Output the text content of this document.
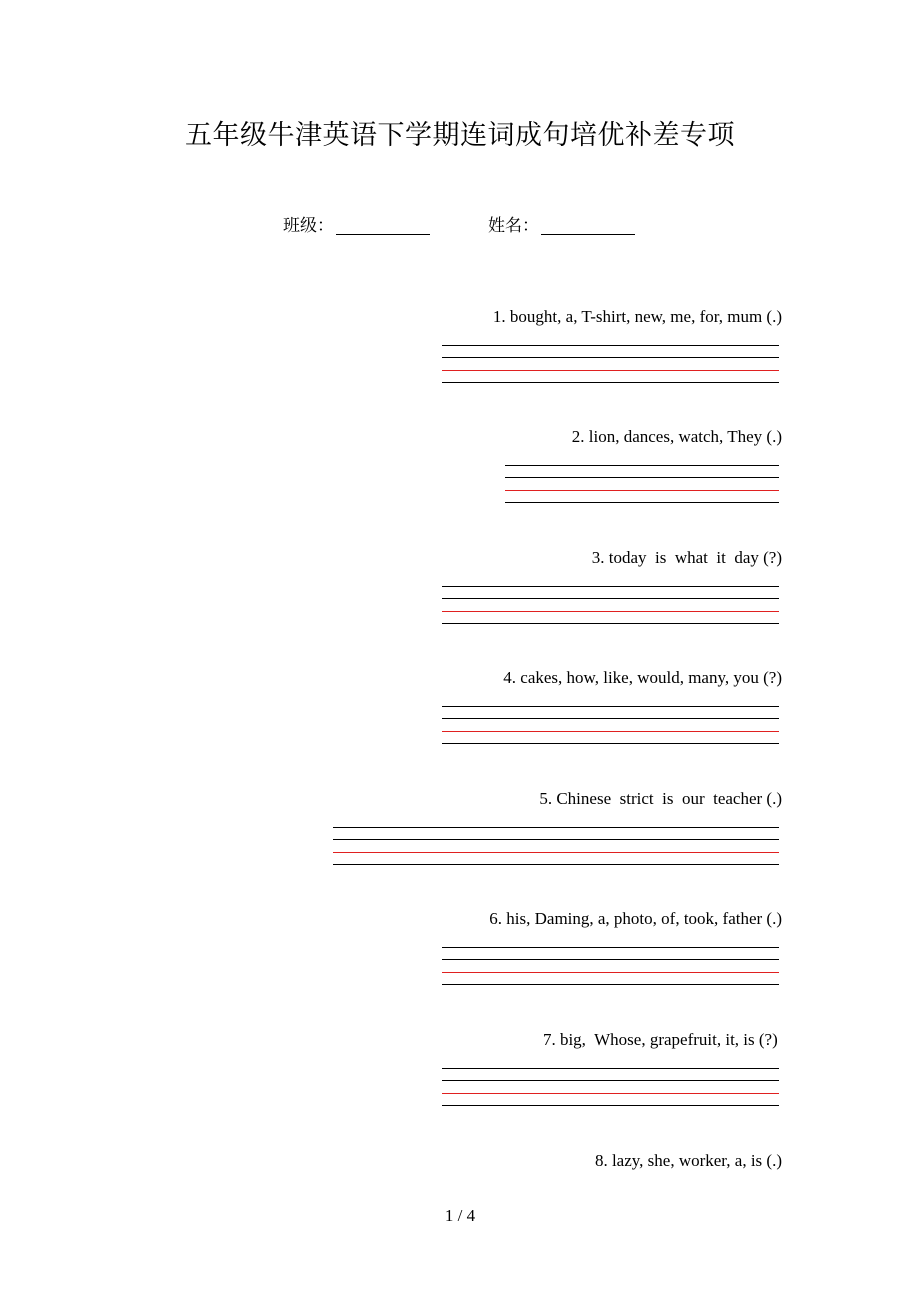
五年级牛津英语下学期连词成句培优补差专项
班级：	姓名：
1. bought, a, T-shirt, new, me, for, mum (.)
2. lion, dances, watch, They (.)
3. today  is  what  it  day (?)
4. cakes, how, like, would, many, you (?)
5. Chinese  strict  is  our  teacher (.)
6. his, Daming, a, photo, of, took, father (.)
7. big,  Whose, grapefruit, it, is (?)
8. lazy, she, worker, a, is (.)
1 / 4
